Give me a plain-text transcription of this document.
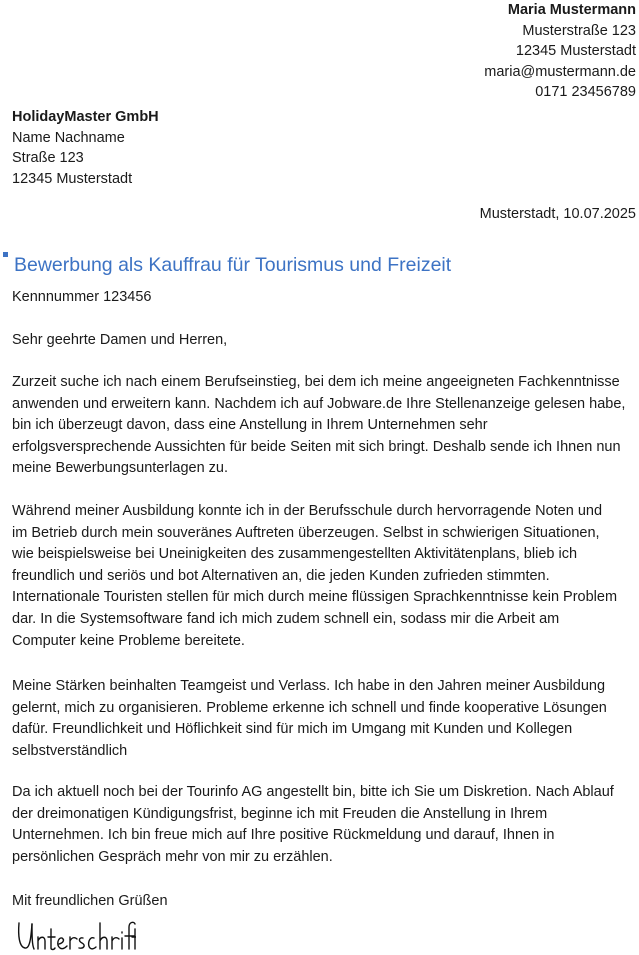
Maria Mustermann
Musterstraße 123
12345 Musterstadt
maria@mustermann.de
0171 23456789
HolidayMaster GmbH
Name Nachname
Straße 123
12345 Musterstadt
Musterstadt, 10.07.2025
Bewerbung als Kauffrau für Tourismus und Freizeit
Kennnummer 123456
Sehr geehrte Damen und Herren,
Zurzeit suche ich nach einem Berufseinstieg, bei dem ich meine angeeigneten Fachkenntnisse
anwenden und erweitern kann. Nachdem ich auf Jobware.de Ihre Stellenanzeige gelesen habe,
bin ich überzeugt davon, dass eine Anstellung in Ihrem Unternehmen sehr
erfolgsversprechende Aussichten für beide Seiten mit sich bringt. Deshalb sende ich Ihnen nun
meine Bewerbungsunterlagen zu.
Während meiner Ausbildung konnte ich in der Berufsschule durch hervorragende Noten und
im Betrieb durch mein souveränes Auftreten überzeugen. Selbst in schwierigen Situationen,
wie beispielsweise bei Uneinigkeiten des zusammengestellten Aktivitätenplans, blieb ich
freundlich und seriös und bot Alternativen an, die jeden Kunden zufrieden stimmten.
Internationale Touristen stellen für mich durch meine flüssigen Sprachkenntnisse kein Problem
dar. In die Systemsoftware fand ich mich zudem schnell ein, sodass mir die Arbeit am
Computer keine Probleme bereitete.
Meine Stärken beinhalten Teamgeist und Verlass. Ich habe in den Jahren meiner Ausbildung
gelernt, mich zu organisieren. Probleme erkenne ich schnell und finde kooperative Lösungen
dafür. Freundlichkeit und Höflichkeit sind für mich im Umgang mit Kunden und Kollegen
selbstverständlich
Da ich aktuell noch bei der Tourinfo AG angestellt bin, bitte ich Sie um Diskretion. Nach Ablauf
der dreimonatigen Kündigungsfrist, beginne ich mit Freuden die Anstellung in Ihrem
Unternehmen. Ich bin freue mich auf Ihre positive Rückmeldung und darauf, Ihnen in
persönlichen Gespräch mehr von mir zu erzählen.
Mit freundlichen Grüßen
